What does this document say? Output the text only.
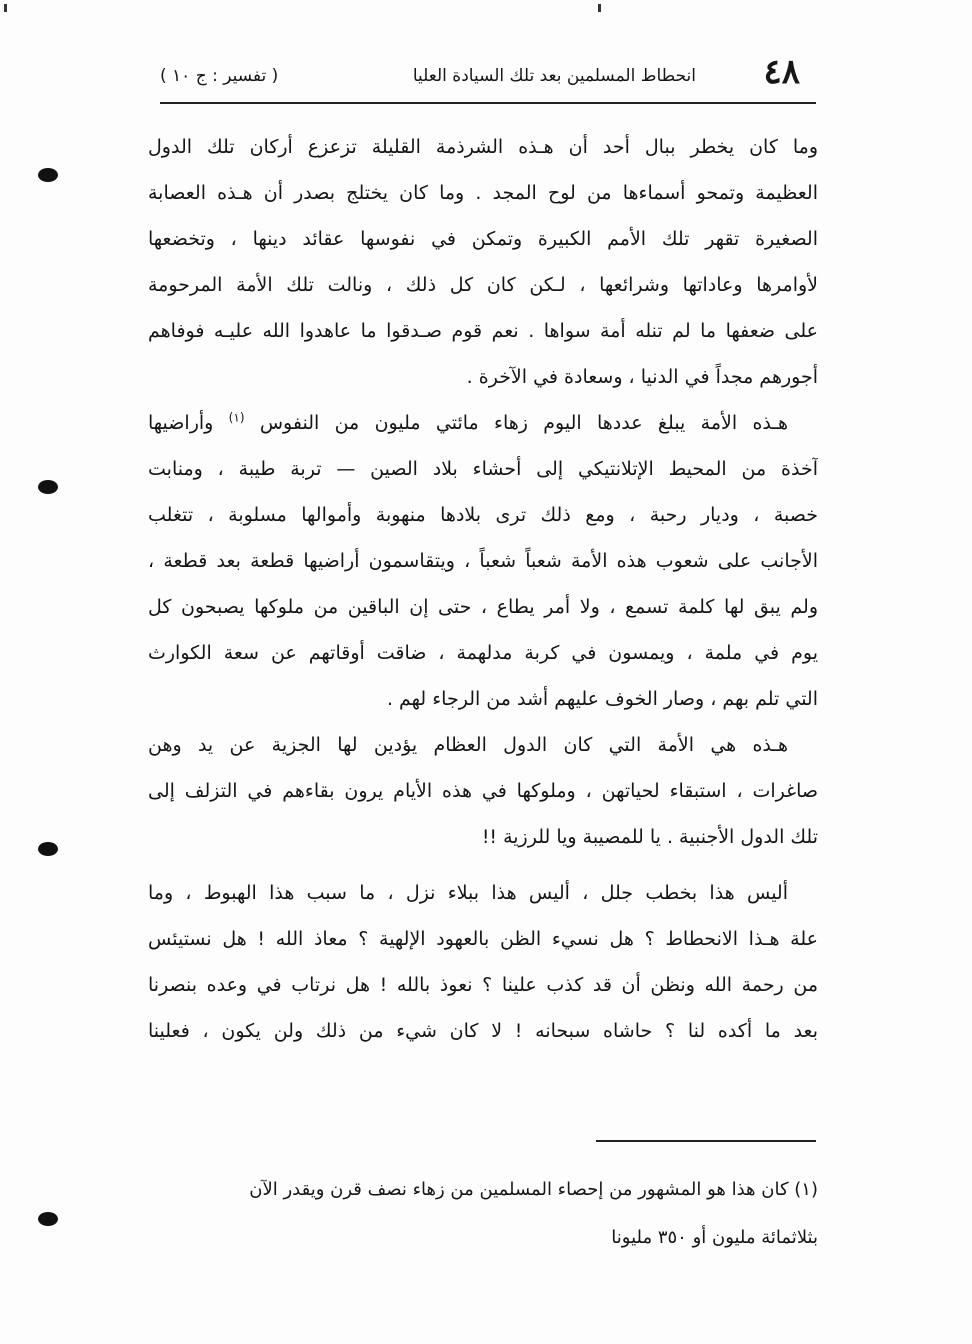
٤٨
انحطاط المسلمين بعد تلك السيادة العليا
( تفسير : ج ١٠ )
وما كان يخطر ببال أحد أن هـذه الشرذمة القليلة تزعزع أركان تلك الدول
العظيمة وتمحو أسماءها من لوح المجد . وما كان يختلج بصدر أن هـذه العصابة
الصغيرة تقهر تلك الأمم الكبيرة وتمكن في نفوسها عقائد دينها ، وتخضعها
لأوامرها وعاداتها وشرائعها ، لـكن كان كل ذلك ، ونالت تلك الأمة المرحومة
على ضعفها ما لم تنله أمة سواها . نعم قوم صـدقوا ما عاهدوا الله عليـه فوفاهم
أجورهم مجداً في الدنيا ، وسعادة في الآخرة .
هـذه الأمة يبلغ عددها اليوم زهاء مائتي مليون من النفوس $^{(١)}$ وأراضيها
آخذة من المحيط الإتلانتيكي إلى أحشاء بلاد الصين — تربة طيبة ، ومنابت
خصبة ، وديار رحبة ، ومع ذلك ترى بلادها منهوبة وأموالها مسلوبة ، تتغلب
الأجانب على شعوب هذه الأمة شعباً شعباً ، ويتقاسمون أراضيها قطعة بعد قطعة ،
ولم يبق لها كلمة تسمع ، ولا أمر يطاع ، حتى إن الباقين من ملوكها يصبحون كل
يوم في ملمة ، ويمسون في كربة مدلهمة ، ضاقت أوقاتهم عن سعة الكوارث
التي تلم بهم ، وصار الخوف عليهم أشد من الرجاء لهم .
هـذه هي الأمة التي كان الدول العظام يؤدين لها الجزية عن يد وهن
صاغرات ، استبقاء لحياتهن ، وملوكها في هذه الأيام يرون بقاءهم في التزلف إلى
تلك الدول الأجنبية . يا للمصيبة ويا للرزية !!
أليس هذا بخطب جلل ، أليس هذا ببلاء نزل ، ما سبب هذا الهبوط ، وما
علة هـذا الانحطاط ؟ هل نسيء الظن بالعهود الإلهية ؟ معاذ الله ! هل نستيئس
من رحمة الله ونظن أن قد كذب علينا ؟ نعوذ بالله ! هل نرتاب في وعده بنصرنا
بعد ما أكده لنا ؟ حاشاه سبحانه ! لا كان شيء من ذلك ولن يكون ، فعلينا
(١) كان هذا هو المشهور من إحصاء المسلمين من زهاء نصف قرن ويقدر الآن
بثلاثمائة مليون أو ٣٥٠ مليونا
